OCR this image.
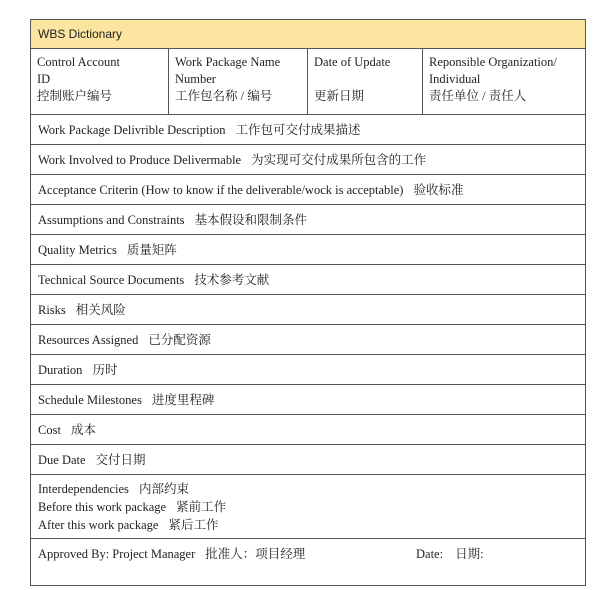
WBS Dictionary
Control Account
ID
控制账户编号
Work Package Name
Number
工作包名称 / 编号
Date of Update

更新日期
Reponsible Organization/
Individual
责任单位 / 责任人
Work Package Delivrible Description 工作包可交付成果描述
Work Involved to Produce Delivermable 为实现可交付成果所包含的工作
Acceptance Criterin (How to know if the deliverable/wock is acceptable) 验收标准
Assumptions and Constraints 基本假设和限制条件
Quality Metrics 质量矩阵
Technical Source Documents 技术参考文献
Risks 相关风险
Resources Assigned 已分配资源
Duration 历时
Schedule Milestones 进度里程碑
Cost 成本
Due Date 交付日期
Interdependencies 内部约束
Before this work package 紧前工作
After this work package 紧后工作
Approved By: Project Manager 批准人：项目经理	Date: 日期:
